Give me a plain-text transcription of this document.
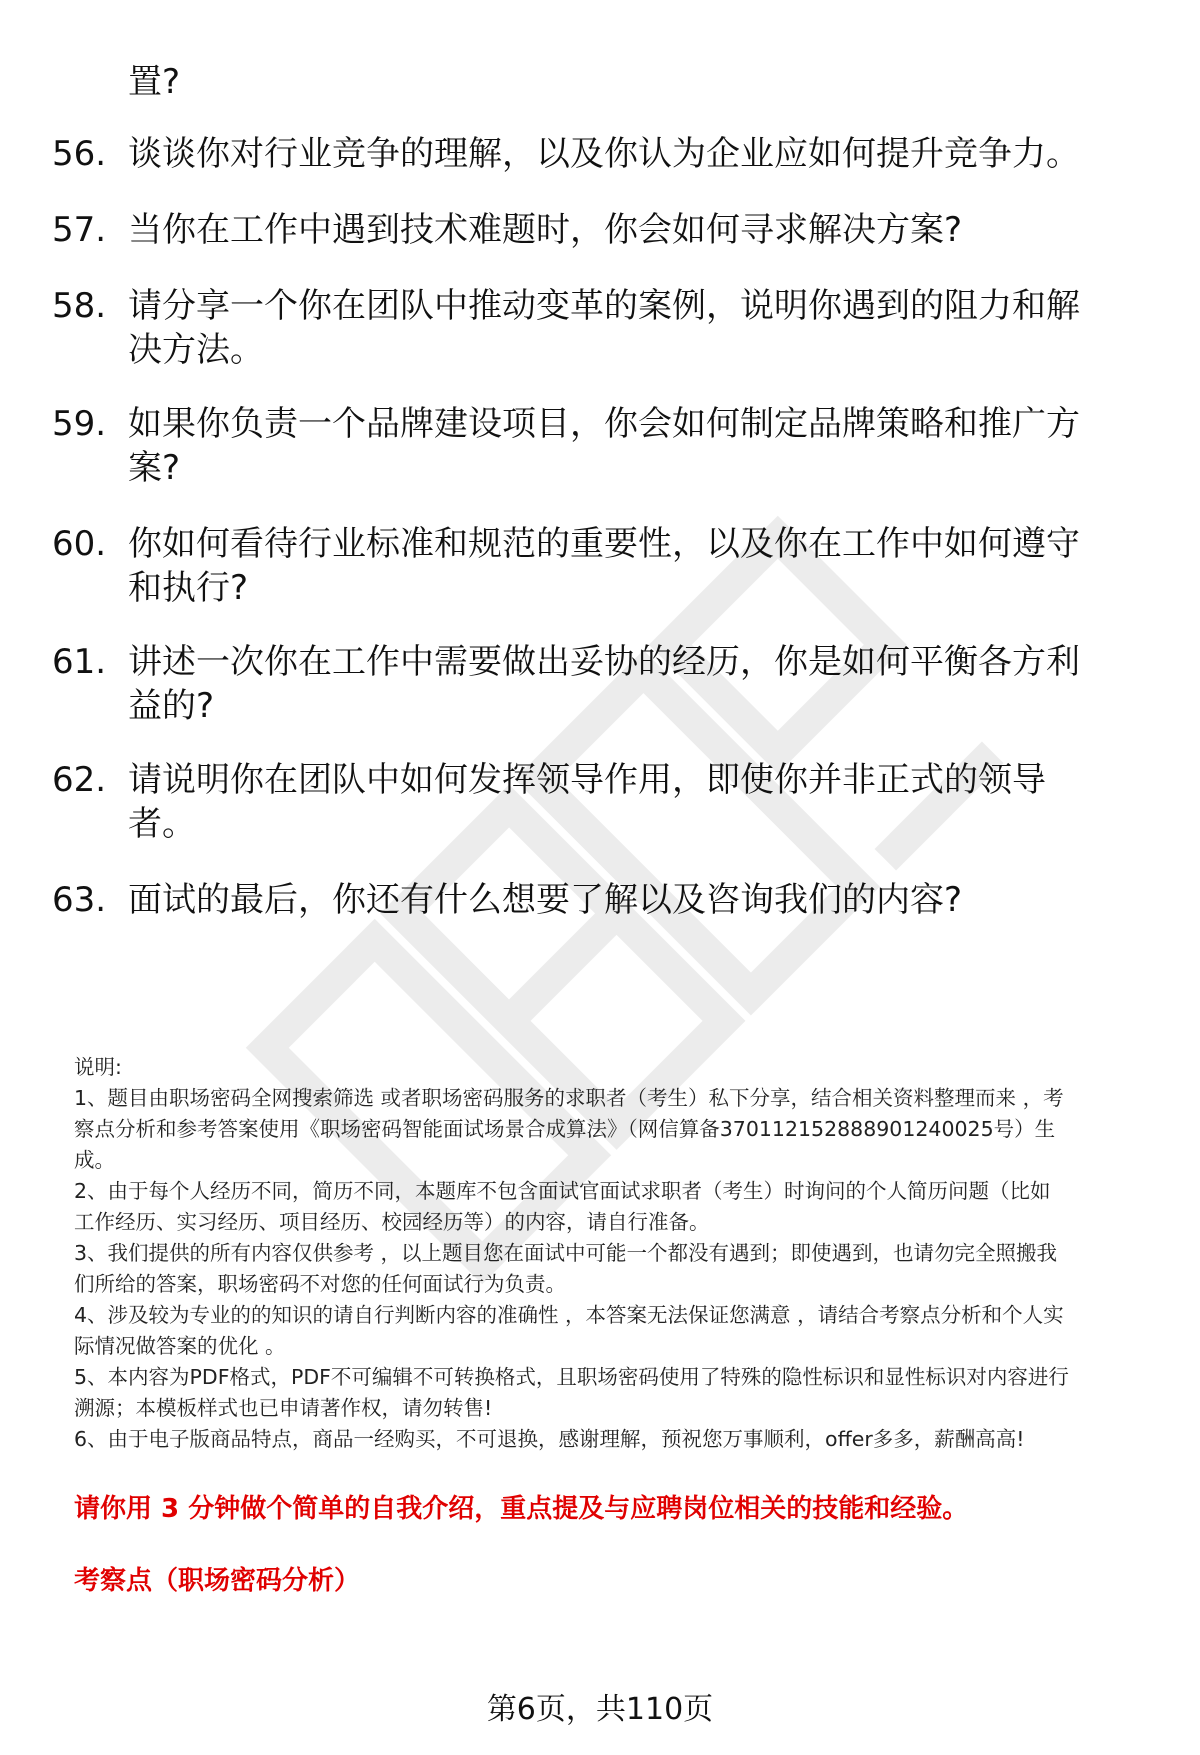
置?
56. 谈谈你对行业竞争的理解，以及你认为企业应如何提升竞争力。
57. 当你在工作中遇到技术难题时，你会如何寻求解决方案?
58. 请分享一个你在团队中推动变革的案例，说明你遇到的阻力和解
决方法。
59. 如果你负责一个品牌建设项目，你会如何制定品牌策略和推广方
案?
60. 你如何看待行业标准和规范的重要性，以及你在工作中如何遵守
和执行?
61. 讲述一次你在工作中需要做出妥协的经历，你是如何平衡各方利
益的?
62. 请说明你在团队中如何发挥领导作用，即使你并非正式的领导
者。
63. 面试的最后，你还有什么想要了解以及咨询我们的内容?

说明:

1、题目由职场密码全网搜索筛选 或者职场密码服务的求职者（考生）私下分享，结合相关资料整理而来 ，考

察点分析和参考答案使用《职场密码智能面试场景合成算法》（网信算备370112152888901240025号）生

成。

2、由于每个人经历不同，简历不同，本题库不包含面试官面试求职者（考生）时询问的个人简历问题（比如

工作经历、实习经历、项目经历、校园经历等）的内容，请自行准备。

3、我们提供的所有内容仅供参考 ，以上题目您在面试中可能一个都没有遇到；即使遇到，也请勿完全照搬我

们所给的答案，职场密码不对您的任何面试行为负责。

4、涉及较为专业的的知识的请自行判断内容的准确性 ，本答案无法保证您满意 ，请结合考察点分析和个人实

际情况做答案的优化 。

5、本内容为PDF格式，PDF不可编辑不可转换格式，且职场密码使用了特殊的隐性标识和显性标识对内容进行

溯源；本模板样式也已申请著作权，请勿转售!

6、由于电子版商品特点，商品一经购买，不可退换，感谢理解，预祝您万事顺利，offer多多，薪酬高高!

请你用 3 分钟做个简单的自我介绍，重点提及与应聘岗位相关的技能和经验。
考察点（职场密码分析）
第6页，共110页
